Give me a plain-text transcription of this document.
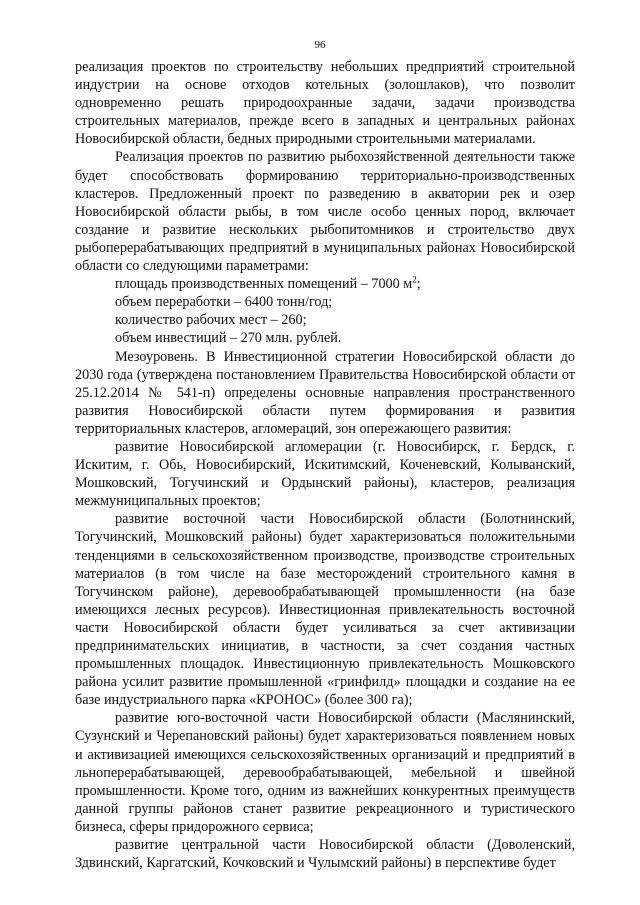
96

реализация проектов по строительству небольших предприятий строительной индустрии на основе отходов котельных (золошлаков), что позволит одновременно решать природоохранные задачи, задачи производства строительных материалов, прежде всего в западных и центральных районах Новосибирской области, бедных природными строительными материалами.

Реализация проектов по развитию рыбохозяйственной деятельности также будет способствовать формированию территориально-производственных кластеров. Предложенный проект по разведению в акватории рек и озер Новосибирской области рыбы, в том числе особо ценных пород, включает создание и развитие нескольких рыбопитомников и строительство двух рыбоперерабатывающих предприятий в муниципальных районах Новосибирской области со следующими параметрами:

площадь производственных помещений – 7000 $м^2$;

объем переработки – 6400 тонн/год;

количество рабочих мест – 260;

объем инвестиций – 270 млн. рублей.

Мезоуровень. В Инвестиционной стратегии Новосибирской области до 2030 года (утверждена постановлением Правительства Новосибирской области от 25.12.2014 № 541-п) определены основные направления пространственного развития Новосибирской области путем формирования и развития территориальных кластеров, агломераций, зон опережающего развития:

развитие Новосибирской агломерации (г. Новосибирск, г. Бердск, г. Искитим, г. Обь, Новосибирский, Искитимский, Коченевский, Колыванский, Мошковский, Тогучинский и Ордынский районы), кластеров, реализация межмуниципальных проектов;

развитие восточной части Новосибирской области (Болотнинский, Тогучинский, Мошковский районы) будет характеризоваться положительными тенденциями в сельскохозяйственном производстве, производстве строительных материалов (в том числе на базе месторождений строительного камня в Тогучинском районе), деревообрабатывающей промышленности (на базе имеющихся лесных ресурсов). Инвестиционная привлекательность восточной части Новосибирской области будет усиливаться за счет активизации предпринимательских инициатив, в частности, за счет создания частных промышленных площадок. Инвестиционную привлекательность Мошковского района усилит развитие промышленной «гринфилд» площадки и создание на ее базе индустриального парка «КРОНОС» (более 300 га);

развитие юго-восточной части Новосибирской области (Маслянинский, Сузунский и Черепановский районы) будет характеризоваться появлением новых и активизацией имеющихся сельскохозяйственных организаций и предприятий в льноперерабатывающей, деревообрабатывающей, мебельной и швейной промышленности. Кроме того, одним из важнейших конкурентных преимуществ данной группы районов станет развитие рекреационного и туристического бизнеса, сферы придорожного сервиса;

развитие центральной части Новосибирской области (Доволенский, Здвинский, Каргатский, Кочковский и Чулымский районы) в перспективе будет
